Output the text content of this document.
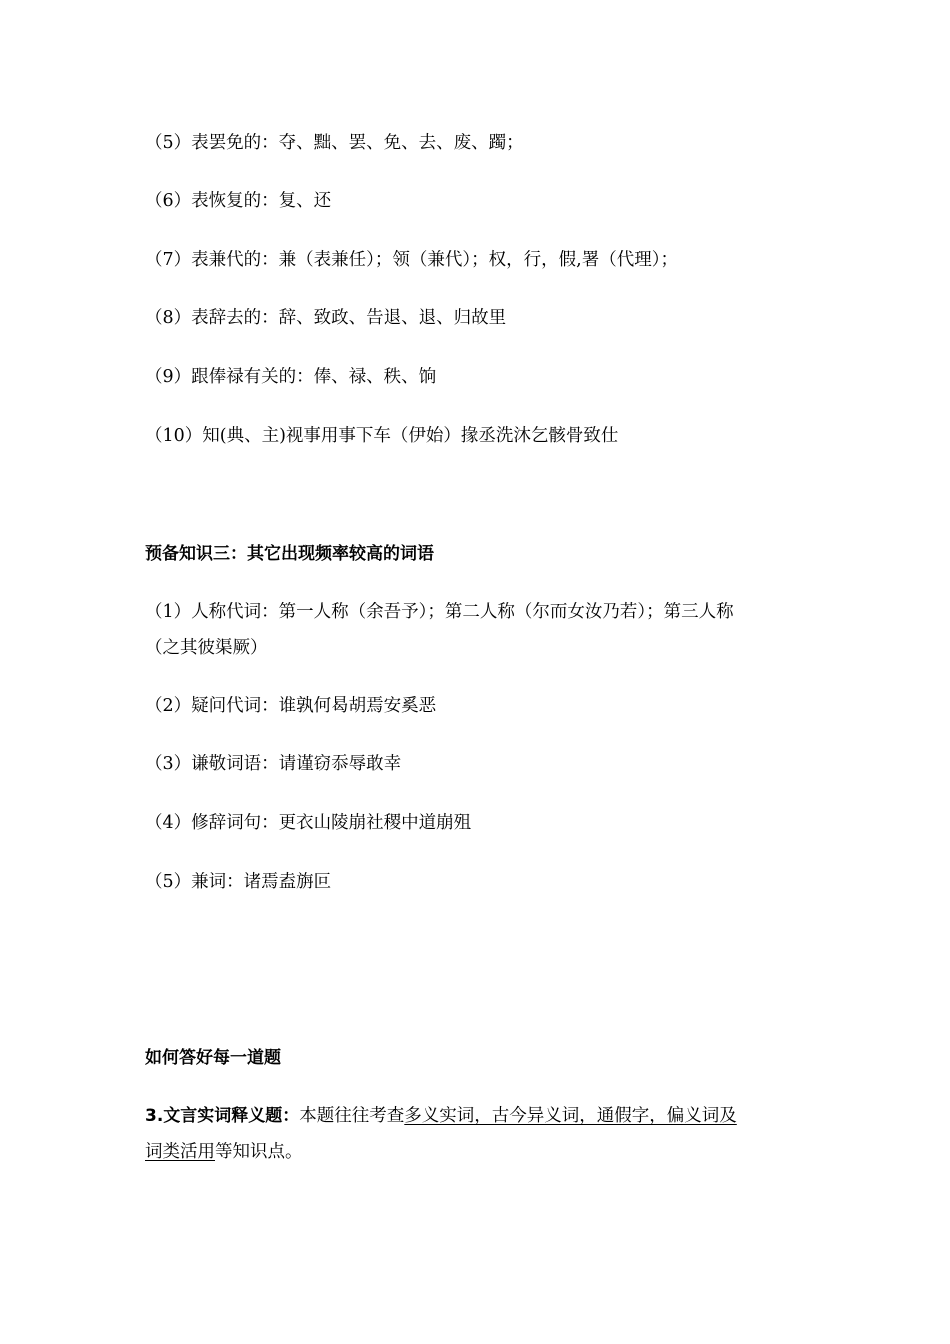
（5）表罢免的：夺、黜、罢、免、去、废、躅；
（6）表恢复的：复、还
（7）表兼代的：兼（表兼任）；领（兼代）；权，行，假,署（代理）；
（8）表辞去的：辞、致政、告退、退、归故里
（9）跟俸禄有关的：俸、禄、秩、饷
（10）知(典、主)视事用事下车（伊始）掾丞洗沐乞骸骨致仕
预备知识三：其它出现频率较高的词语
（1）人称代词：第一人称（余吾予）；第二人称（尔而女汝乃若）；第三人称
（之其彼渠厥）
（2）疑问代词：谁孰何曷胡焉安奚恶
（3）谦敬词语：请谨窃忝辱敢幸
（4）修辞词句：更衣山陵崩社稷中道崩殂
（5）兼词：诸焉盍旃叵
如何答好每一道题
3.文言实词释义题：本题往往考查多义实词，古今异义词，通假字，偏义词及
词类活用等知识点。
